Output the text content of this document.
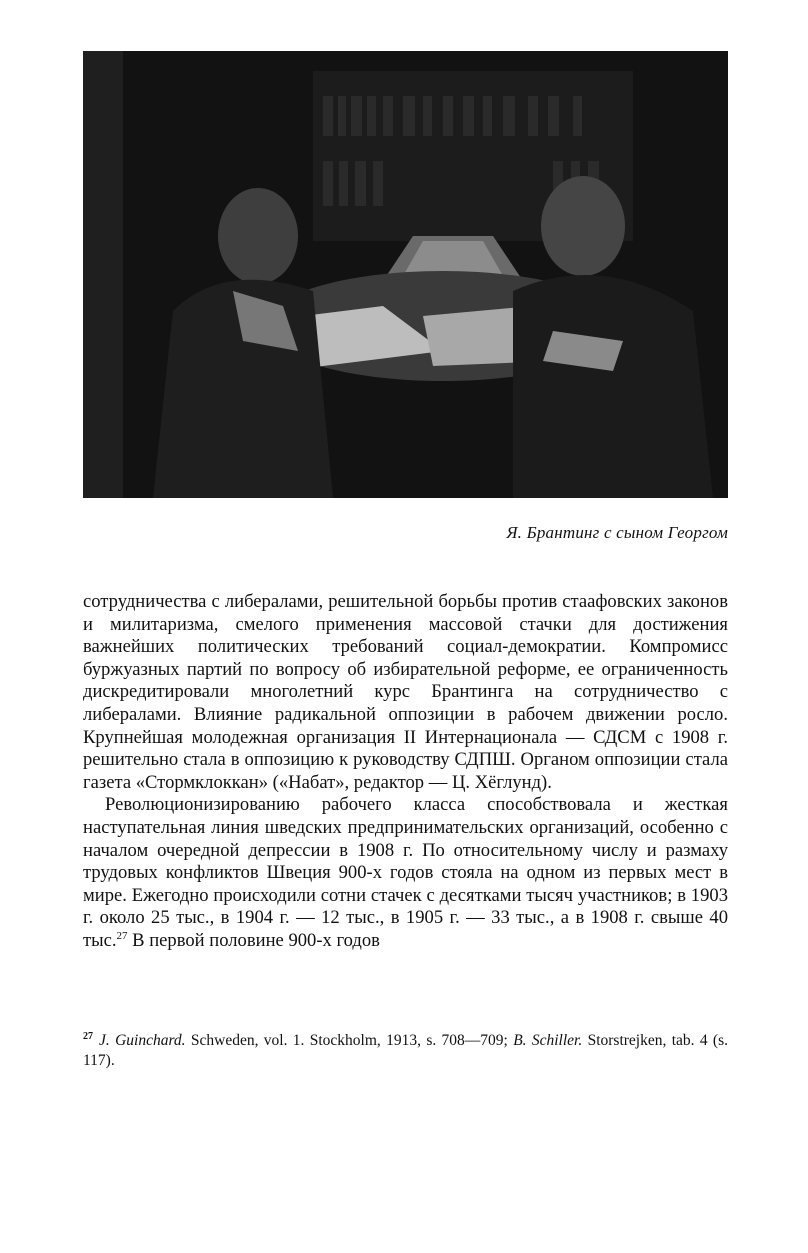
Я. Брантинг с сыном Георгом

сотрудничества с либералами, решительной борьбы против стаафовских законов и милитаризма, смелого применения массовой стачки для достижения важнейших политических требований социал-демократии. Компромисс буржуазных партий по вопросу об избирательной реформе, ее ограниченность дискредитировали многолетний курс Брантинга на сотрудничество с либералами. Влияние радикальной оппозиции в рабочем движении росло. Крупнейшая молодежная организация II Интернационала — СДСМ с 1908 г. решительно стала в оппозицию к руководству СДПШ. Органом оппозиции стала газета «Стормклоккан» («Набат», редактор — Ц. Хёглунд).

Революционизированию рабочего класса способствовала и жесткая наступательная линия шведских предпринимательских организаций, особенно с началом очередной депрессии в 1908 г. По относительному числу и размаху трудовых конфликтов Швеция 900-х годов стояла на одном из первых мест в мире. Ежегодно происходили сотни стачек с десятками тысяч участников; в 1903 г. около 25 тыс., в 1904 г. — 12 тыс., в 1905 г. — 33 тыс., а в 1908 г. свыше 40 тыс.$^{27}$ В первой половине 900-х годов

$^{27}$ J. Guinchard. Schweden, vol. 1. Stockholm, 1913, s. 708—709; B. Schiller. Storstrejken, tab. 4 (s. 117).
